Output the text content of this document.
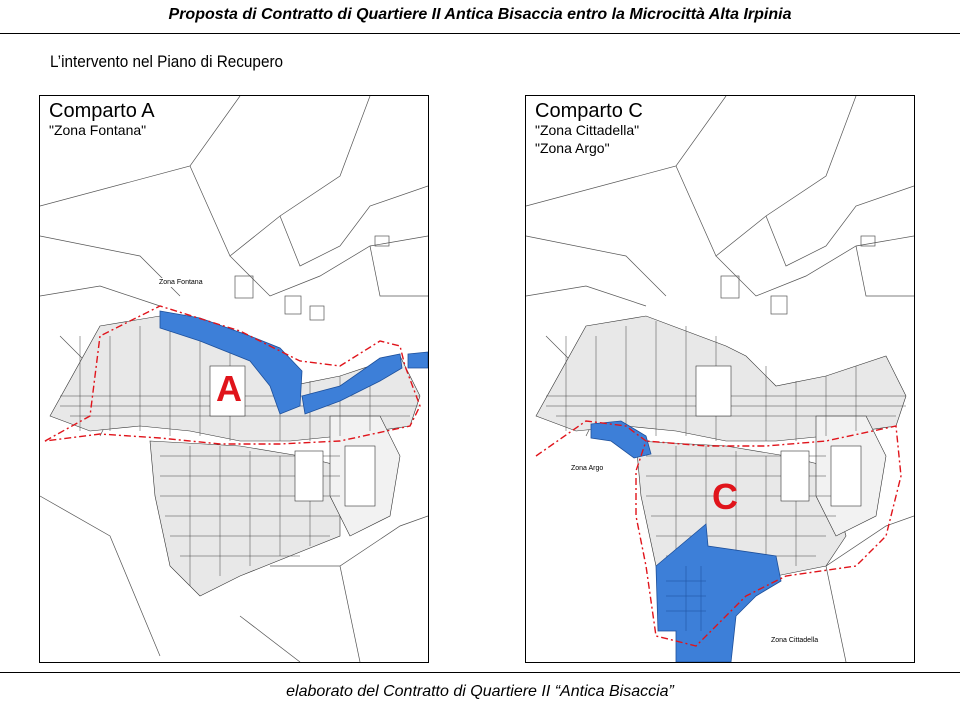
Proposta di Contratto di Quartiere II Antica Bisaccia entro la Microcittà Alta Irpinia
L’intervento nel Piano di Recupero
Comparto A
"Zona Fontana"
A
Zona Fontana
Comparto C
"Zona Cittadella"
"Zona Argo"
C
Zona Argo
Zona Cittadella
elaborato del Contratto di Quartiere II “Antica Bisaccia”
